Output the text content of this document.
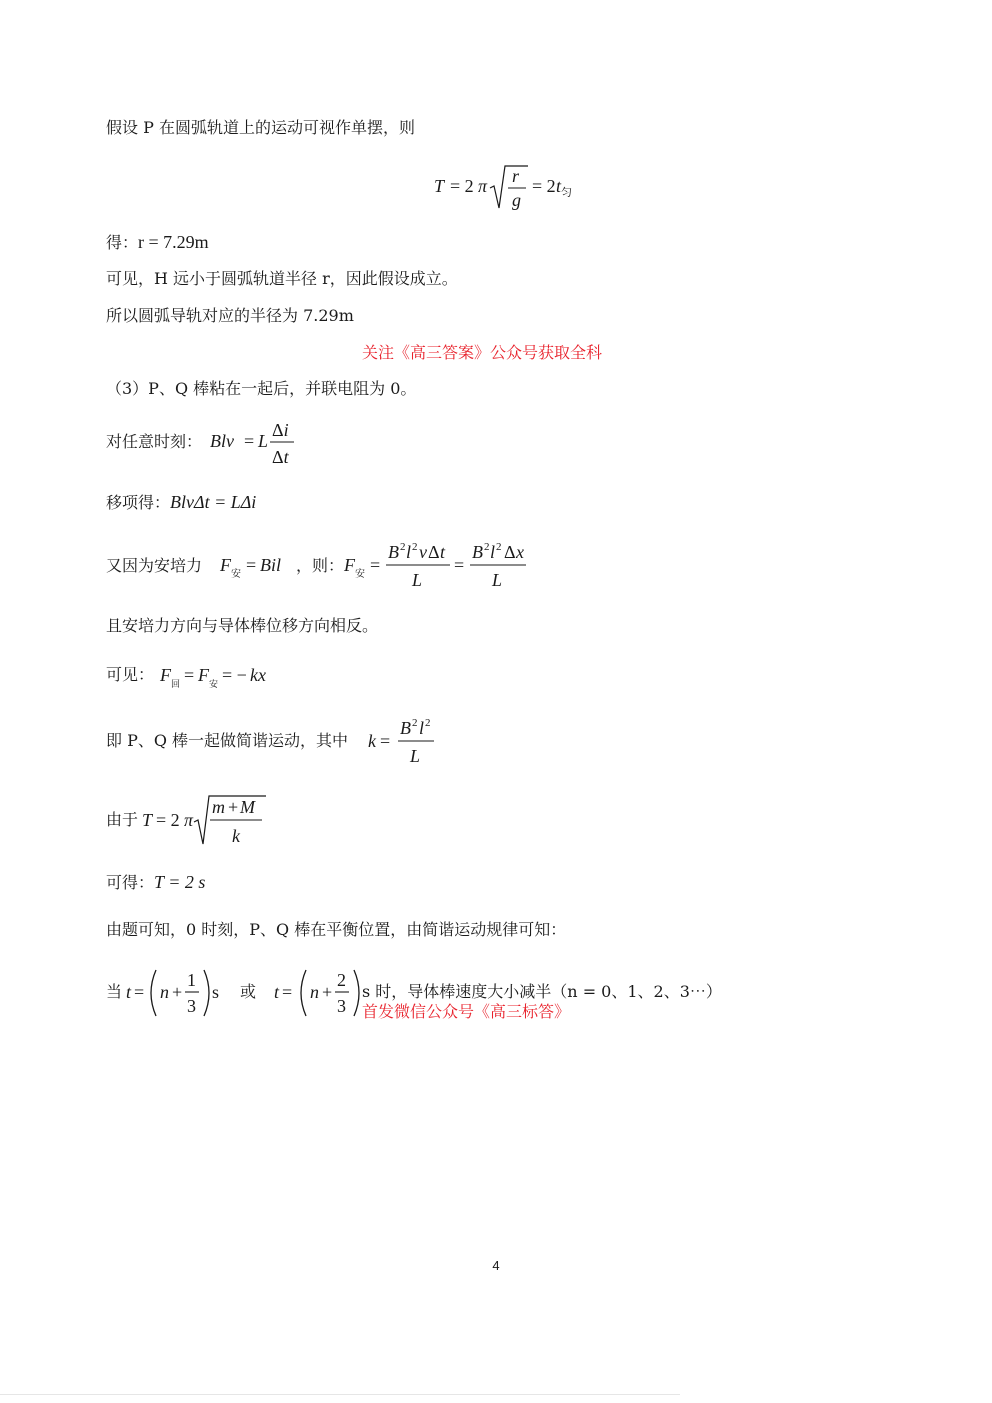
假设 P 在圆弧轨道上的运动可视作单摆，则
T = 2 π r
g
= 2 t 匀
得：r = 7.29m
可见，H 远小于圆弧轨道半径 r，因此假设成立。
所以圆弧导轨对应的半径为 7.29m
关注《高三答案》公众号获取全科
（3）P、Q 棒粘在一起后，并联电阻为 0。
对任意时刻： Blv = L
Δi
Δt
移项得：BlvΔt = LΔi
又因为安培力 F 安 = Bil ，则： F 安 =
B 2 l 2 v Δ t
L
=
B 2 l 2 Δ x
L
且安培力方向与导体棒位移方向相反。
可见： F 回 = F 安 = − kx
即 P、Q 棒一起做简谐运动，其中 k =
B 2 l 2
L
由于 T = 2 π
m + M
k
可得：T = 2 s
由题可知，0 时刻，P、Q 棒在平衡位置，由简谐运动规律可知：
当 t = n +
1
3
s 或 t = n +
2
3
s 时，导体棒速度大小减半（n = 0、1、2、3⋯）
首发微信公众号《高三标答》
4
